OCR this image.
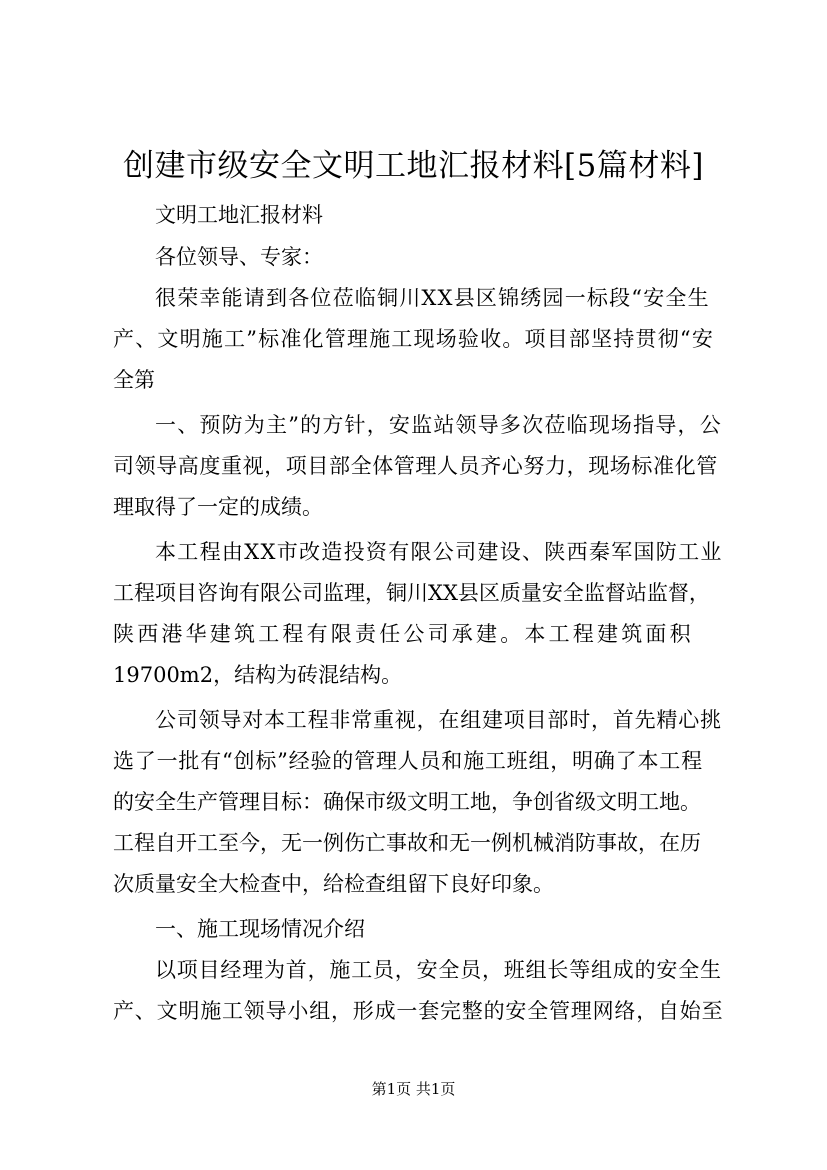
创建市级安全文明工地汇报材料[5篇材料]
文明工地汇报材料
各位领导、专家：
很荣幸能请到各位莅临铜川XX县区锦绣园一标段“安全生
产、文明施工”标准化管理施工现场验收。项目部坚持贯彻“安
全第
一、预防为主”的方针，安监站领导多次莅临现场指导，公
司领导高度重视，项目部全体管理人员齐心努力，现场标准化管
理取得了一定的成绩。
本工程由XX市改造投资有限公司建设、陕西秦军国防工业
工程项目咨询有限公司监理，铜川XX县区质量安全监督站监督，
陕西港华建筑工程有限责任公司承建。本工程建筑面积
19700m2，结构为砖混结构。
公司领导对本工程非常重视，在组建项目部时，首先精心挑
选了一批有“创标”经验的管理人员和施工班组，明确了本工程
的安全生产管理目标：确保市级文明工地，争创省级文明工地。
工程自开工至今，无一例伤亡事故和无一例机械消防事故，在历
次质量安全大检查中，给检查组留下良好印象。
一、施工现场情况介绍
以项目经理为首，施工员，安全员，班组长等组成的安全生
产、文明施工领导小组，形成一套完整的安全管理网络，自始至
第1页 共1页
